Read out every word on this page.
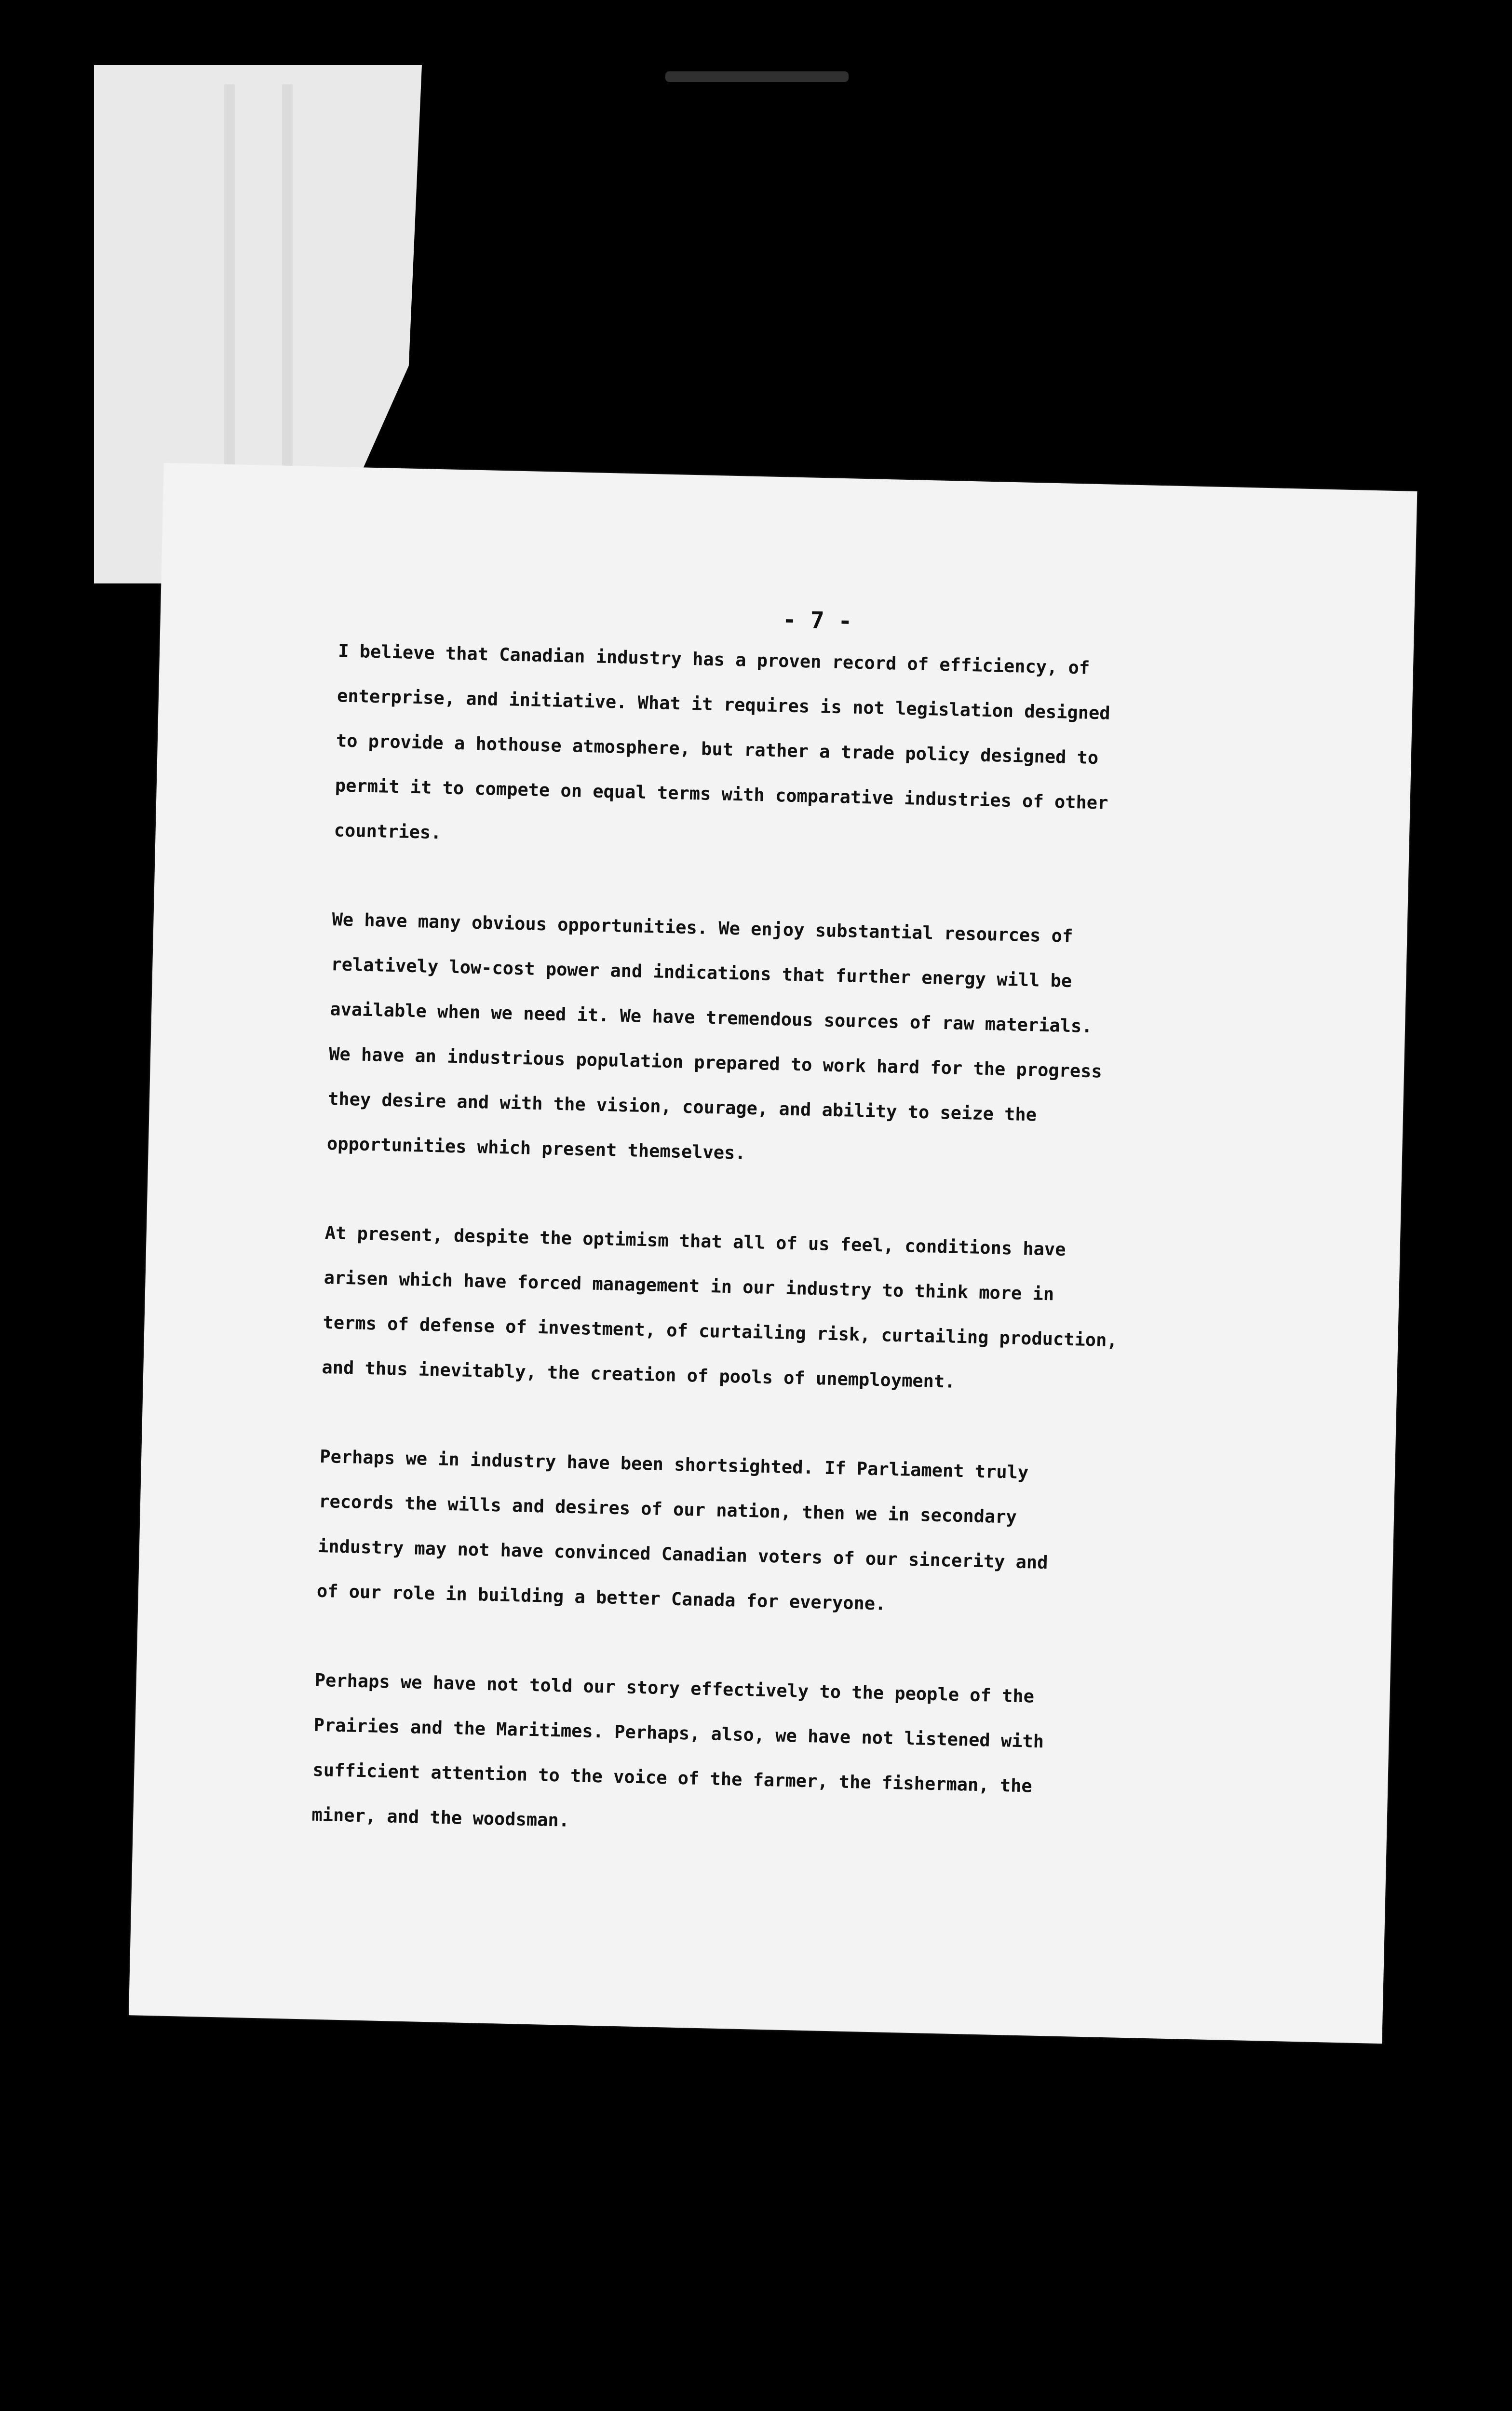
- 7 -

I believe that Canadian industry has a proven record of efficiency, of
enterprise, and initiative. What it requires is not legislation designed
to provide a hothouse atmosphere, but rather a trade policy designed to
permit it to compete on equal terms with comparative industries of other
countries.

We have many obvious opportunities. We enjoy substantial resources of
relatively low-cost power and indications that further energy will be
available when we need it. We have tremendous sources of raw materials.
We have an industrious population prepared to work hard for the progress
they desire and with the vision, courage, and ability to seize the
opportunities which present themselves.

At present, despite the optimism that all of us feel, conditions have
arisen which have forced management in our industry to think more in
terms of defense of investment, of curtailing risk, curtailing production,
and thus inevitably, the creation of pools of unemployment.

Perhaps we in industry have been shortsighted. If Parliament truly
records the wills and desires of our nation, then we in secondary
industry may not have convinced Canadian voters of our sincerity and
of our role in building a better Canada for everyone.

Perhaps we have not told our story effectively to the people of the
Prairies and the Maritimes. Perhaps, also, we have not listened with
sufficient attention to the voice of the farmer, the fisherman, the
miner, and the woodsman.
